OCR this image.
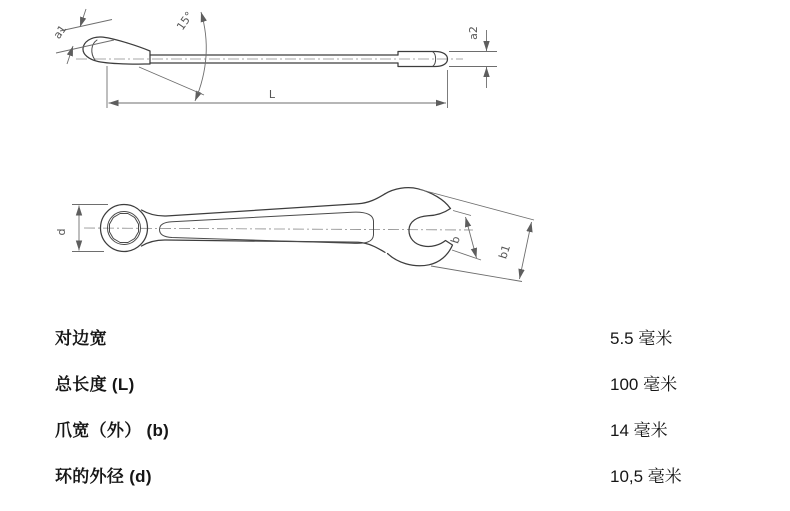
a1	15°
a2
L
d
b
b1
对边宽	5.5 毫米
总长度 (L)	100 毫米
爪宽（外） (b)	14 毫米
环的外径 (d)	10,5 毫米
